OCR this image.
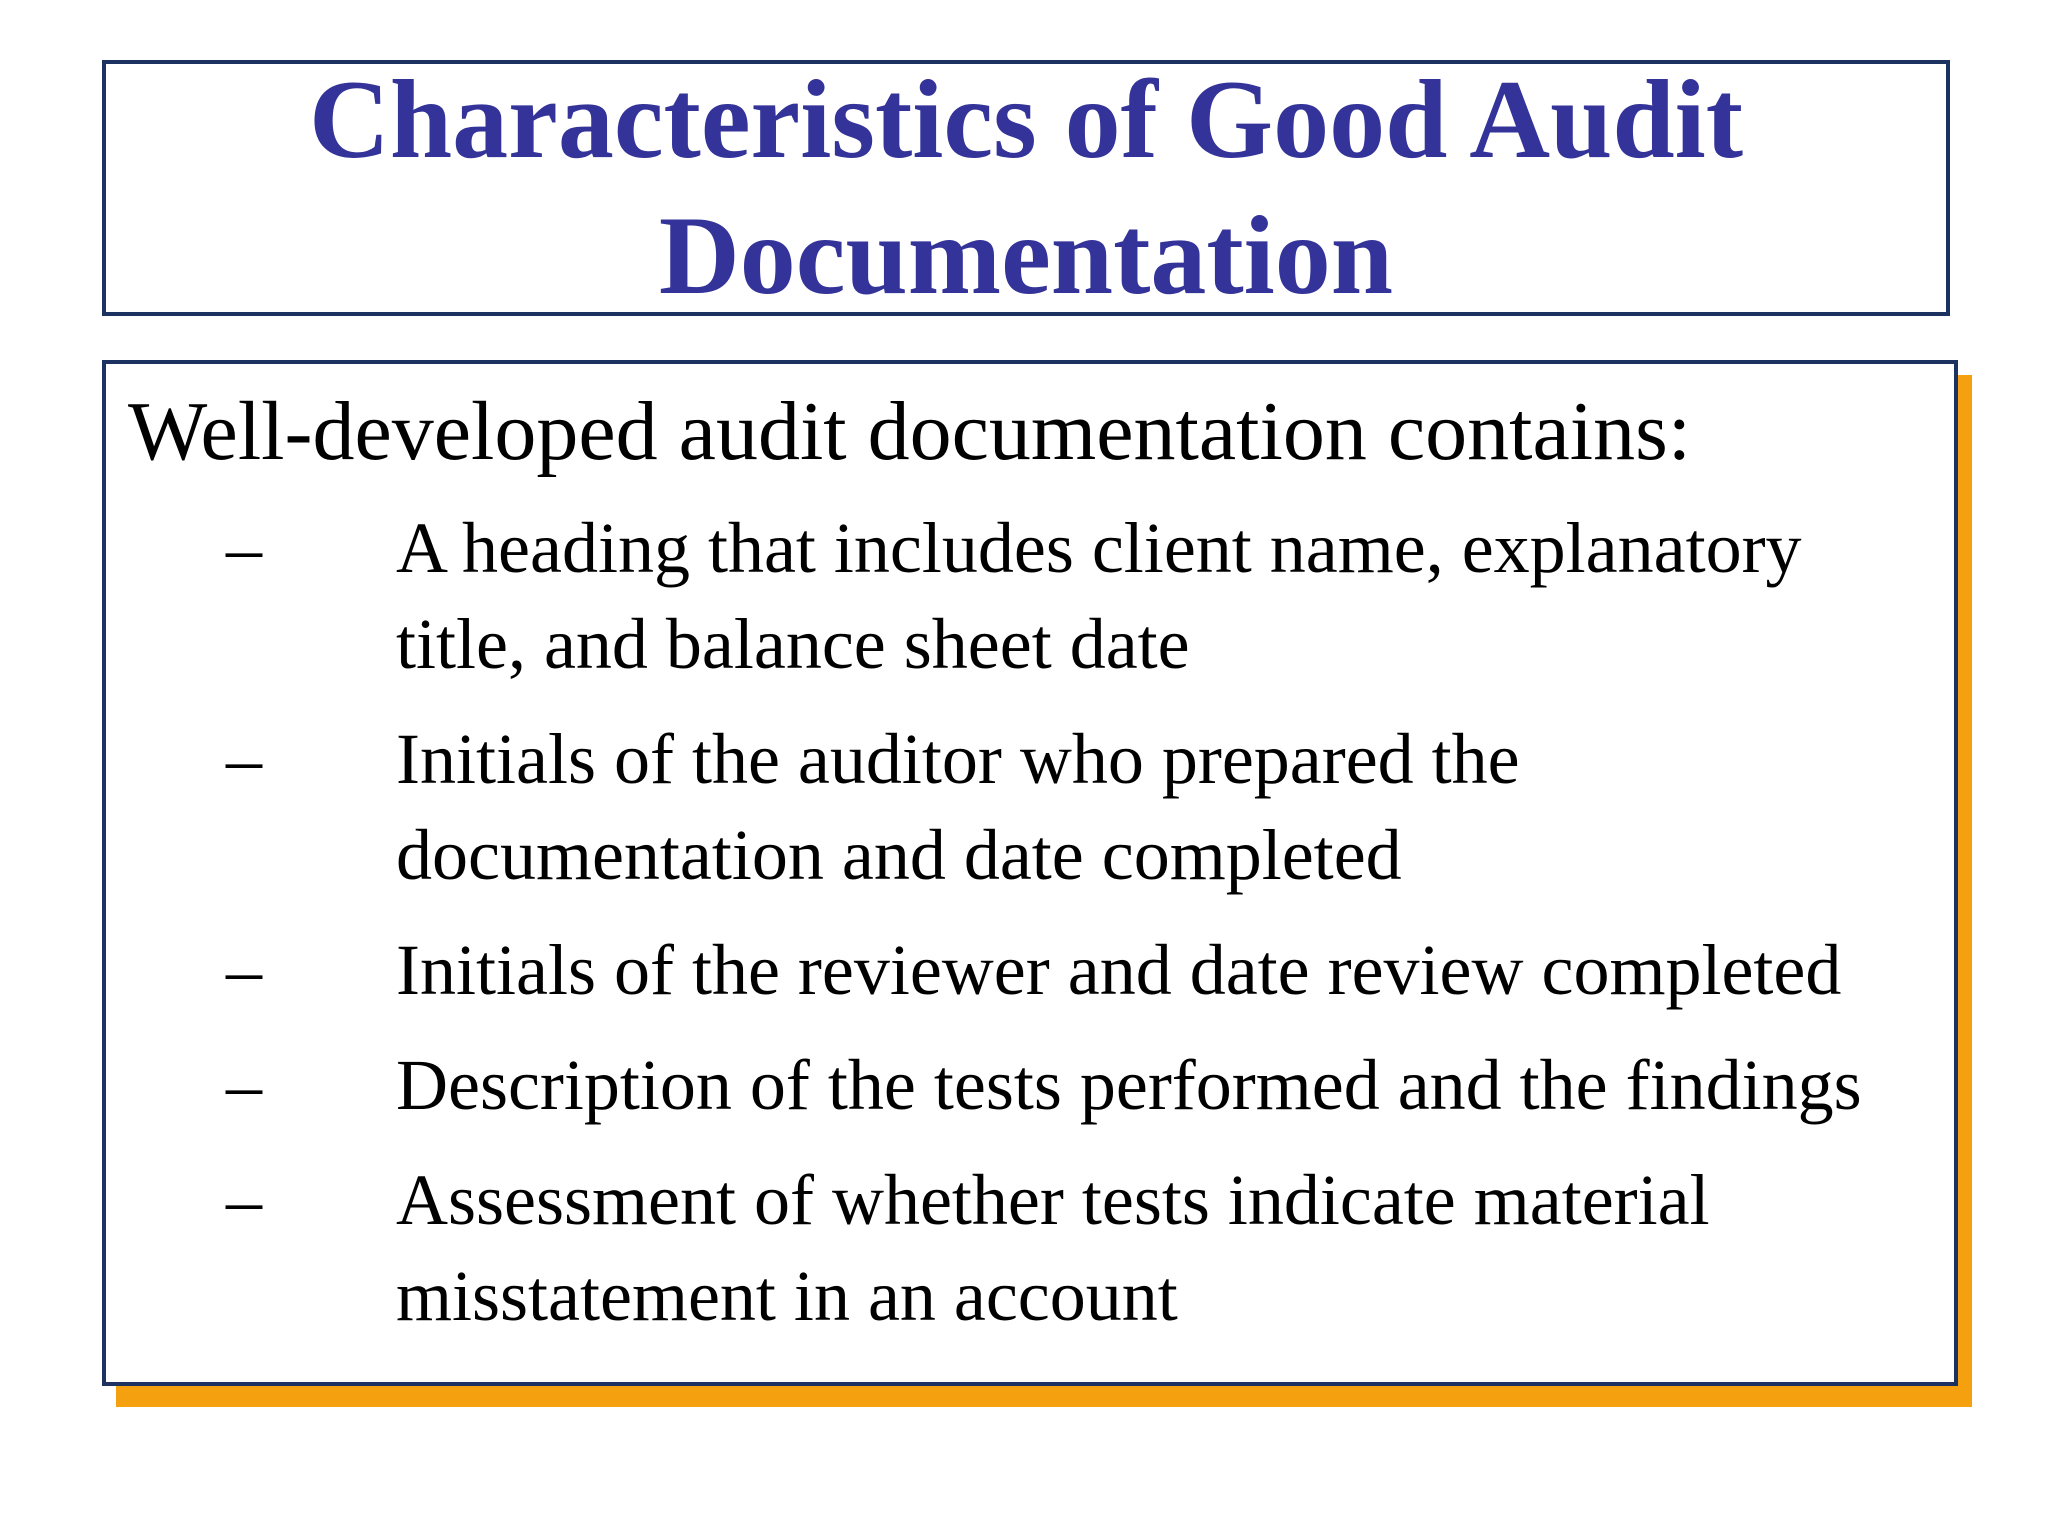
Characteristics of Good Audit Documentation

Well-developed audit documentation contains:

–	A heading that includes client name, explanatory title, and balance sheet date
–	Initials of the auditor who prepared the documentation and date completed
–	Initials of the reviewer and date review completed
–	Description of the tests performed and the findings
–	Assessment of whether tests indicate material misstatement in an account
